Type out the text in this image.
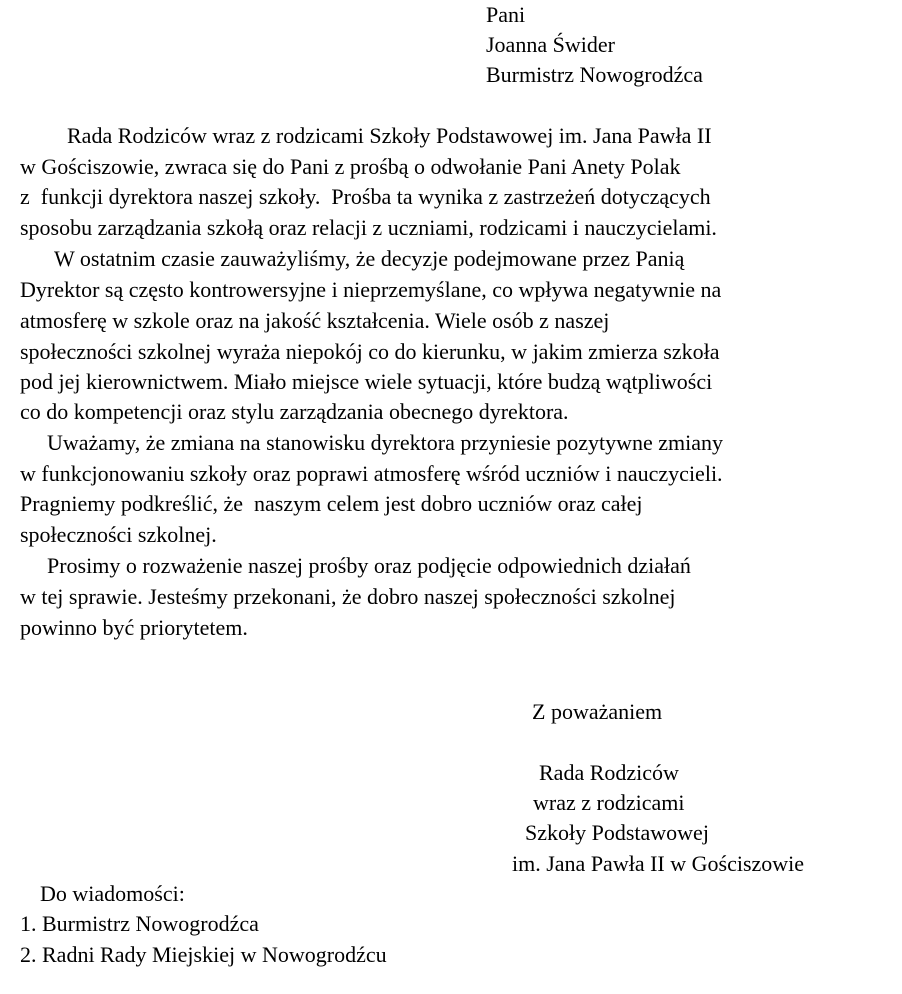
Pani

Joanna Świder

Burmistrz Nowogrodźca

Rada Rodziców wraz z rodzicami Szkoły Podstawowej im. Jana Pawła II

w Gościszowie, zwraca się do Pani z prośbą o odwołanie Pani Anety Polak

z  funkcji dyrektora naszej szkoły.  Prośba ta wynika z zastrzeżeń dotyczących

sposobu zarządzania szkołą oraz relacji z uczniami, rodzicami i nauczycielami.

W ostatnim czasie zauważyliśmy, że decyzje podejmowane przez Panią

Dyrektor są często kontrowersyjne i nieprzemyślane, co wpływa negatywnie na

atmosferę w szkole oraz na jakość kształcenia. Wiele osób z naszej

społeczności szkolnej wyraża niepokój co do kierunku, w jakim zmierza szkoła

pod jej kierownictwem. Miało miejsce wiele sytuacji, które budzą wątpliwości

co do kompetencji oraz stylu zarządzania obecnego dyrektora.

Uważamy, że zmiana na stanowisku dyrektora przyniesie pozytywne zmiany

w funkcjonowaniu szkoły oraz poprawi atmosferę wśród uczniów i nauczycieli.

Pragniemy podkreślić, że  naszym celem jest dobro uczniów oraz całej

społeczności szkolnej.

Prosimy o rozważenie naszej prośby oraz podjęcie odpowiednich działań

w tej sprawie. Jesteśmy przekonani, że dobro naszej społeczności szkolnej

powinno być priorytetem.

Z poważaniem

Rada Rodziców

wraz z rodzicami

Szkoły Podstawowej

im. Jana Pawła II w Gościszowie

Do wiadomości:

1. Burmistrz Nowogrodźca

2. Radni Rady Miejskiej w Nowogrodźcu
